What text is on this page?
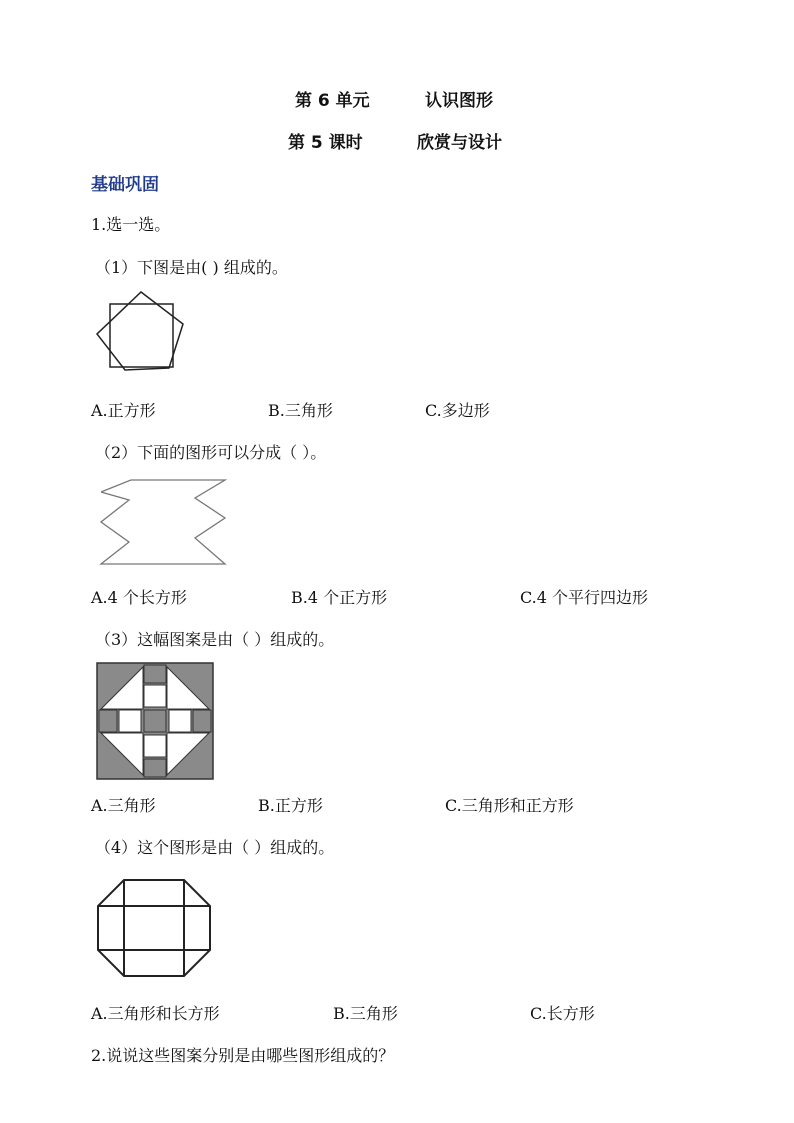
第 6 单元	认识图形
第 5 课时	欣赏与设计
基础巩固
1.选一选。
（1）下图是由( ) 组成的。
A.正方形	B.三角形	C.多边形
（2）下面的图形可以分成（ ）。
A.4 个长方形	B.4 个正方形	C.4 个平行四边形
（3）这幅图案是由（ ）组成的。
A.三角形	B.正方形	C.三角形和正方形
（4）这个图形是由（ ）组成的。
A.三角形和长方形	B.三角形	C.长方形
2.说说这些图案分别是由哪些图形组成的？
